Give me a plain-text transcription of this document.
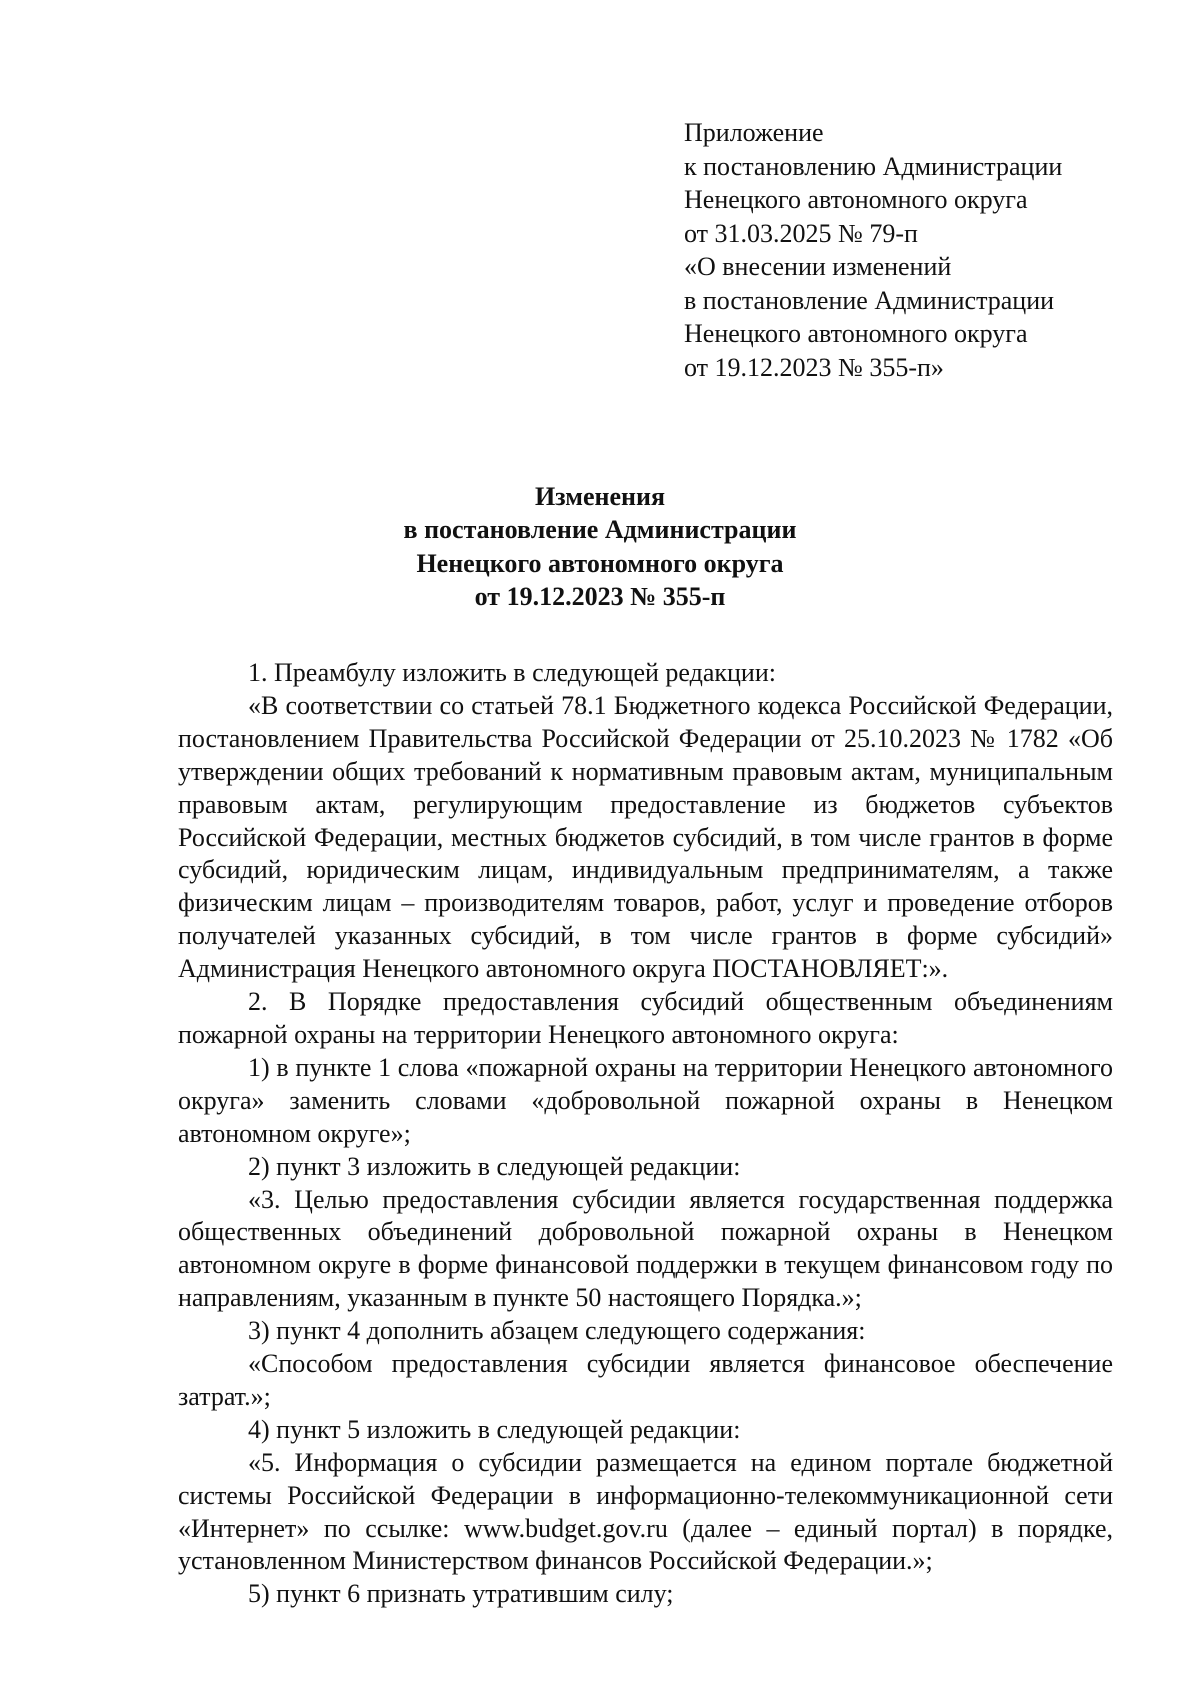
Приложение
к постановлению Администрации
Ненецкого автономного округа
от 31.03.2025 № 79-п
«О внесении изменений
в постановление Администрации
Ненецкого автономного округа
от 19.12.2023 № 355-п»
Изменения
в постановление Администрации
Ненецкого автономного округа
от 19.12.2023 № 355-п

1. Преамбулу изложить в следующей редакции:

«В соответствии со статьей 78.1 Бюджетного кодекса Российской Федерации, постановлением Правительства Российской Федерации от 25.10.2023 № 1782 «Об утверждении общих требований к нормативным правовым актам, муниципальным правовым актам, регулирующим предоставление из бюджетов субъектов Российской Федерации, местных бюджетов субсидий, в том числе грантов в форме субсидий, юридическим лицам, индивидуальным предпринимателям, а также физическим лицам – производителям товаров, работ, услуг и проведение отборов получателей указанных субсидий, в том числе грантов в форме субсидий» Администрация Ненецкого автономного округа ПОСТАНОВЛЯЕТ:».

2. В Порядке предоставления субсидий общественным объединениям пожарной охраны на территории Ненецкого автономного округа:

1) в пункте 1 слова «пожарной охраны на территории Ненецкого автономного округа» заменить словами «добровольной пожарной охраны в Ненецком автономном округе»;

2) пункт 3 изложить в следующей редакции:

«3. Целью предоставления субсидии является государственная поддержка общественных объединений добровольной пожарной охраны в Ненецком автономном округе в форме финансовой поддержки в текущем финансовом году по направлениям, указанным в пункте 50 настоящего Порядка.»;

3) пункт 4 дополнить абзацем следующего содержания:

«Способом предоставления субсидии является финансовое обеспечение затрат.»;

4) пункт 5 изложить в следующей редакции:

«5. Информация о субсидии размещается на едином портале бюджетной системы Российской Федерации в информационно-телекоммуникационной сети «Интернет» по ссылке: www.budget.gov.ru (далее – единый портал) в порядке, установленном Министерством финансов Российской Федерации.»;

5) пункт 6 признать утратившим силу;
